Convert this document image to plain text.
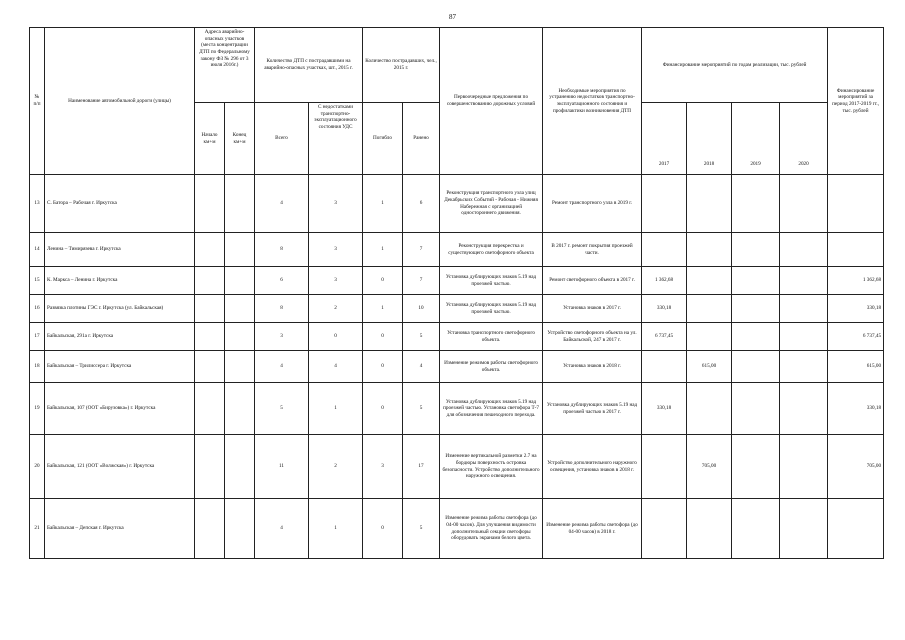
87
№ п/п	Наименование автомобильной дороги (улицы)	Адреса аварийно-опасных участков (места концентрации ДТП по Федеральному закону ФЗ № 296 от 3 июля 2016г.)		Количество ДТП с пострадавшими на аварийно-опасных участках, шт., 2015 г.		Количество пострадавших, чел., 2015 г.		Первоочередные предложения по совершенствованию дорожных условий	Необходимые мероприятия по устранению недостатков транспортно-эксплуатационного состояния и профилактики возникновения ДТП	Финансирование мероприятий по годам реализации, тыс. рублей				Финансирование мероприятий за период 2017-2019 гг., тыс. рублей
		Начало км+м	Конец км+м	Всего	С недостатками транспортно-эксплуатационного состояния УДС	Погибло	Ранено			2017	2018	2019	2020	
13	С. Батора – Рабочая г. Иркутска			4	3	1	6	Реконструкция транспортного узла улиц Декабрьских Событий - Рабочая - Нижняя Набережная с организацией одностороннего движения.	Ремонт транспортного узла в 2019 г.					
14	Ленина – Тимирязева г. Иркутска			8	3	1	7	Реконструкция перекрестка и существующего светофорного объекта	В 2017 г. ремонт покрытия проезжей части.					
15	К. Маркса – Ленина г. Иркутска			6	3	0	7	Установка дублирующих знаков 5.19 над проезжей частью.	Ремонт светофорного объекта в 2017 г.	1 362,68				1 362,68
16	Развязка плотины ГЭС г. Иркутска (ул. Байкальская)			8	2	1	10	Установка дублирующих знаков 5.19 над проезжей частью.	Установка знаков в 2017 г.	330,18				330,18
17	Байкальская, 291а г. Иркутска			3	0	0	5	Установка транспортного светофорного объекта.	Устройство светофорного объекта на ул. Байкальской, 247 в 2017 г.	6 737,45				6 737,45
18	Байкальская – Трилиссера г. Иркутска			4	4	0	4	Изменение режимов работы светофорного объекта.	Установка знаков в 2018 г.		615,00			615,00
19	Байкальская, 107 (ООТ «Бирузовка») г. Иркутска			5	1	0	5	Установка дублирующих знаков 5.19 над проезжей частью. Установка светофора Т-7 для обозначения пешеходного перехода.	Установка дублирующих знаков 5.19 над проезжей частью в 2017 г.	330,18				330,18
20	Байкальская, 121 (ООТ «Волжская») г. Иркутска			11	2	3	17	Изменение вертикальной разметки 2.7 на бордюры поверхность островка безопасности. Устройство дополнительного наружного освещения.	Устройство дополнительного наружного освещения, установка знаков в 2018 г.		705,00			705,00
21	Байкальская – Депская г. Иркутска			4	1	0	5	Изменение режима работы светофора (до 04-00 часов). Для улучшения видимости дополнительный секции светофоры оборудовать экранами белого цвета.	Изменение режима работы светофора (до 04-00 часов) в 2018 г.					
